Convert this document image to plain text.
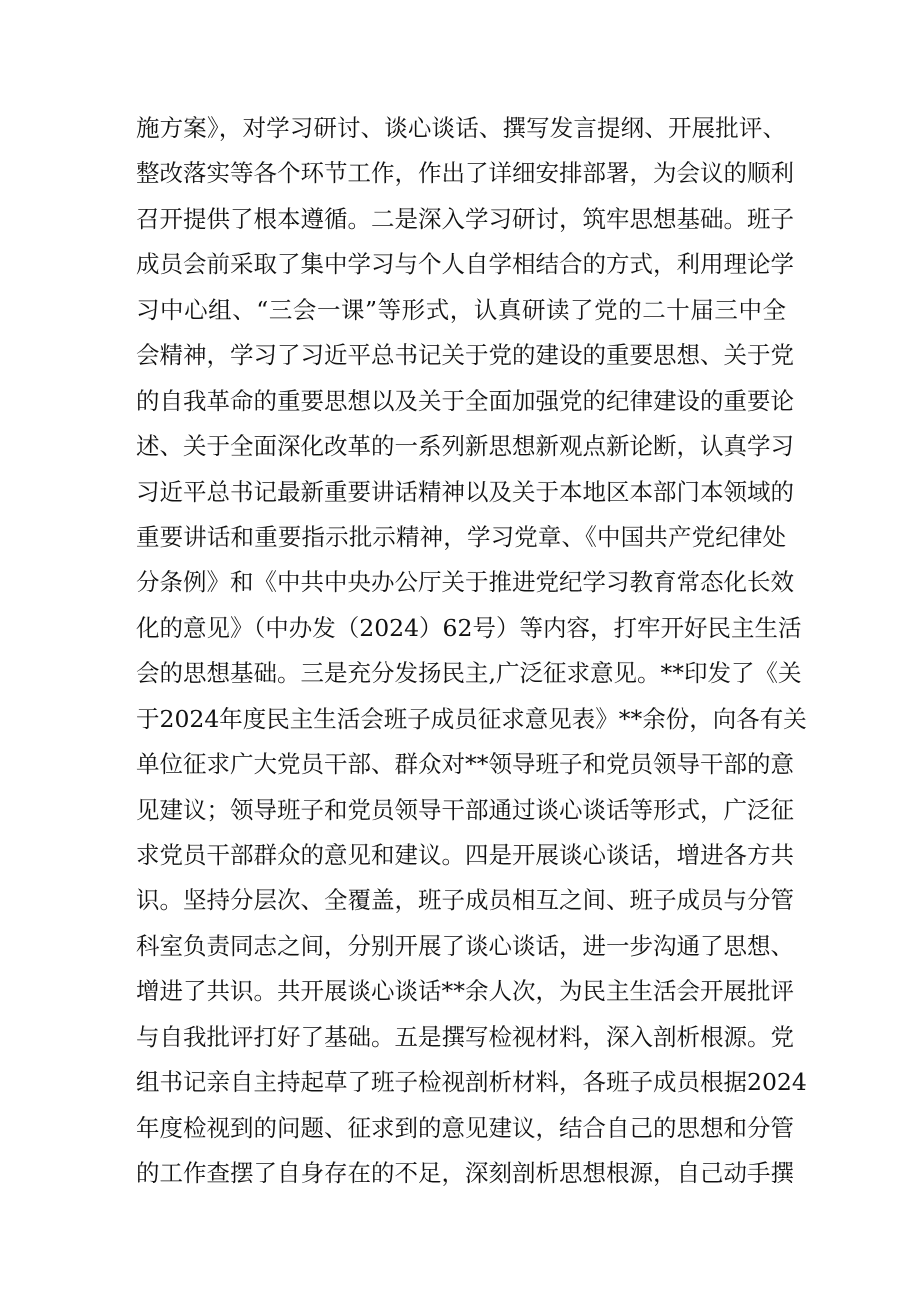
施方案》，对学习研讨、谈心谈话、撰写发言提纲、开展批评、
整改落实等各个环节工作，作出了详细安排部署，为会议的顺利
召开提供了根本遵循。二是深入学习研讨，筑牢思想基础。班子
成员会前采取了集中学习与个人自学相结合的方式，利用理论学
习中心组、“三会一课”等形式，认真研读了党的二十届三中全
会精神，学习了习近平总书记关于党的建设的重要思想、关于党
的自我革命的重要思想以及关于全面加强党的纪律建设的重要论
述、关于全面深化改革的一系列新思想新观点新论断，认真学习
习近平总书记最新重要讲话精神以及关于本地区本部门本领域的
重要讲话和重要指示批示精神，学习党章、《中国共产党纪律处
分条例》和《中共中央办公厅关于推进党纪学习教育常态化长效
化的意见》（中办发（2024）62号）等内容，打牢开好民主生活
会的思想基础。三是充分发扬民主,广泛征求意见。**印发了《关
于2024年度民主生活会班子成员征求意见表》**余份，向各有关
单位征求广大党员干部、群众对**领导班子和党员领导干部的意
见建议；领导班子和党员领导干部通过谈心谈话等形式，广泛征
求党员干部群众的意见和建议。四是开展谈心谈话，增进各方共
识。坚持分层次、全覆盖，班子成员相互之间、班子成员与分管
科室负责同志之间，分别开展了谈心谈话，进一步沟通了思想、
增进了共识。共开展谈心谈话**余人次，为民主生活会开展批评
与自我批评打好了基础。五是撰写检视材料，深入剖析根源。党
组书记亲自主持起草了班子检视剖析材料，各班子成员根据2024
年度检视到的问题、征求到的意见建议，结合自己的思想和分管
的工作查摆了自身存在的不足，深刻剖析思想根源，自己动手撰
